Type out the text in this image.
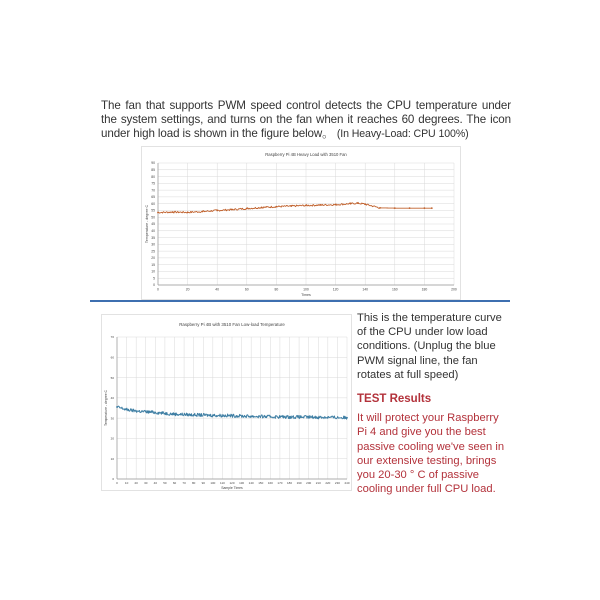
The fan that supports PWM speed control detects the CPU temperature under the system settings, and turns on the fan when it reaches 60 degrees. The icon under high load is shown in the figure below。 (In Heavy-Load: CPU 100%)
Raspberry Pi 4B Heavy Load with 3510 Fan
0
5
10
15
20
25
30
35
40
45
50
55
60
65
70
75
80
85
90
0	20	40	60	80	100	120	140	160	180	200
Times
Temperature - degree C
Raspberry Pi 4B with 3510 Fan Low-load Temperature
0
10
20
30
40
50
60
70
0 10 20 30 40 50 60 70 80 90 100 110 120 130 140 150 160 170 180 190 200 210 220 230 240
Sample Times
Temperature - degree C

This is the temperature curve of the CPU under low load conditions. (Unplug the blue PWM signal line, the fan rotates at full speed)

TEST Results

It will protect your Raspberry Pi 4 and give you the best passive cooling we've seen in our extensive testing, brings you 20-30 ° C of passive cooling under full CPU load.
